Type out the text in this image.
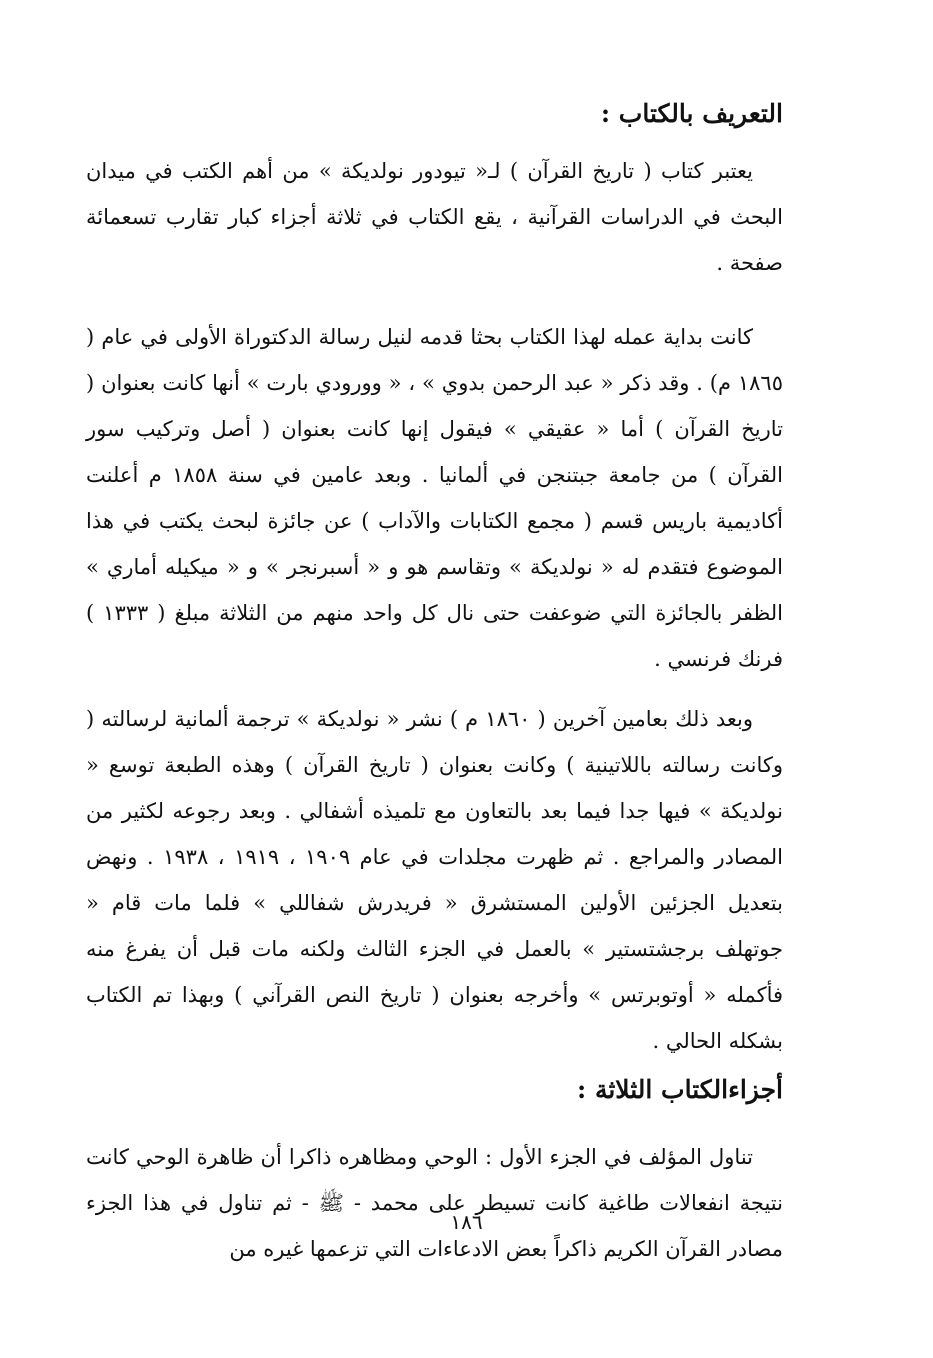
التعريف بالكتاب :

يعتبر كتاب ( تاريخ القرآن ) لـ« تيودور نولديكة » من أهم الكتب في ميدان البحث في الدراسات القرآنية ، يقع الكتاب في ثلاثة أجزاء كبار تقارب تسعمائة صفحة .

كانت بداية عمله لهذا الكتاب بحثا قدمه لنيل رسالة الدكتوراة الأولى في عام ( ١٨٦٥ م) . وقد ذكر « عبد الرحمن بدوي » ، « وورودي بارت » أنها كانت بعنوان ( تاريخ القرآن ) أما « عقيقي » فيقول إنها كانت بعنوان ( أصل وتركيب سور القرآن ) من جامعة جبتنجن في ألمانيا . وبعد عامين في سنة ١٨٥٨ م أعلنت أكاديمية باريس قسم ( مجمع الكتابات والآداب ) عن جائزة لبحث يكتب في هذا الموضوع فتقدم له « نولديكة » وتقاسم هو و « أسبرنجر » و « ميكيله أماري » الظفر بالجائزة التي ضوعفت حتى نال كل واحد منهم من الثلاثة مبلغ ( ١٣٣٣ ) فرنك فرنسي .

وبعد ذلك بعامين آخرين ( ١٨٦٠ م ) نشر « نولديكة » ترجمة ألمانية لرسالته ( وكانت رسالته باللاتينية ) وكانت بعنوان ( تاريخ القرآن ) وهذه الطبعة توسع « نولديكة » فيها جدا فيما بعد بالتعاون مع تلميذه أشفالي . وبعد رجوعه لكثير من المصادر والمراجع . ثم ظهرت مجلدات في عام ١٩٠٩ ، ١٩١٩ ، ١٩٣٨ . ونهض بتعديل الجزئين الأولين المستشرق « فريدرش شفاللي » فلما مات قام « جوتهلف برجشتستير » بالعمل في الجزء الثالث ولكنه مات قبل أن يفرغ منه فأكمله « أوتوبرتس » وأخرجه بعنوان ( تاريخ النص القرآني ) وبهذا تم الكتاب بشكله الحالي .

أجزاءالكتاب الثلاثة :

تناول المؤلف في الجزء الأول : الوحي ومظاهره ذاكرا أن ظاهرة الوحي كانت نتيجة انفعالات طاغية كانت تسيطر على محمد - ﷺ - ثم تناول في هذا الجزء مصادر القرآن الكريم ذاكراً بعض الادعاءات التي تزعمها غيره من

١٨٦
